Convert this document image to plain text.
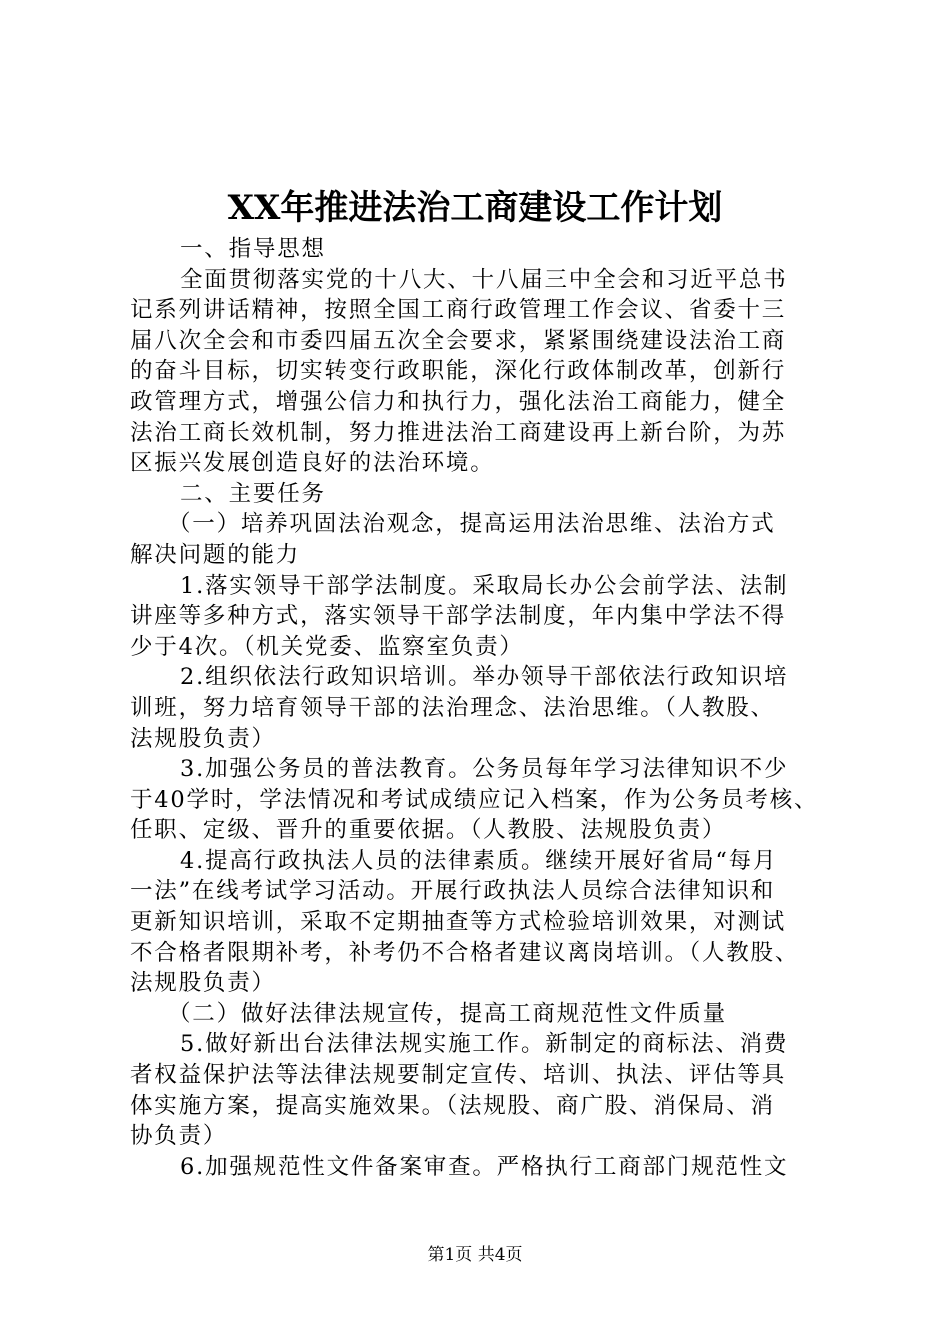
XX年推进法治工商建设工作计划
一、指导思想
全面贯彻落实党的十八大、十八届三中全会和习近平总书
记系列讲话精神，按照全国工商行政管理工作会议、省委十三
届八次全会和市委四届五次全会要求，紧紧围绕建设法治工商
的奋斗目标，切实转变行政职能，深化行政体制改革，创新行
政管理方式，增强公信力和执行力，强化法治工商能力，健全
法治工商长效机制，努力推进法治工商建设再上新台阶，为苏
区振兴发展创造良好的法治环境。
二、主要任务
（一）培养巩固法治观念，提高运用法治思维、法治方式
解决问题的能力
1.落实领导干部学法制度。采取局长办公会前学法、法制
讲座等多种方式，落实领导干部学法制度，年内集中学法不得
少于4次。（机关党委、监察室负责）
2.组织依法行政知识培训。举办领导干部依法行政知识培
训班，努力培育领导干部的法治理念、法治思维。（人教股、
法规股负责）
3.加强公务员的普法教育。公务员每年学习法律知识不少
于40学时，学法情况和考试成绩应记入档案，作为公务员考核、
任职、定级、晋升的重要依据。（人教股、法规股负责）
4.提高行政执法人员的法律素质。继续开展好省局“每月
一法”在线考试学习活动。开展行政执法人员综合法律知识和
更新知识培训，采取不定期抽查等方式检验培训效果，对测试
不合格者限期补考，补考仍不合格者建议离岗培训。（人教股、
法规股负责）
（二）做好法律法规宣传，提高工商规范性文件质量
5.做好新出台法律法规实施工作。新制定的商标法、消费
者权益保护法等法律法规要制定宣传、培训、执法、评估等具
体实施方案，提高实施效果。（法规股、商广股、消保局、消
协负责）
6.加强规范性文件备案审查。严格执行工商部门规范性文
第1页 共4页
